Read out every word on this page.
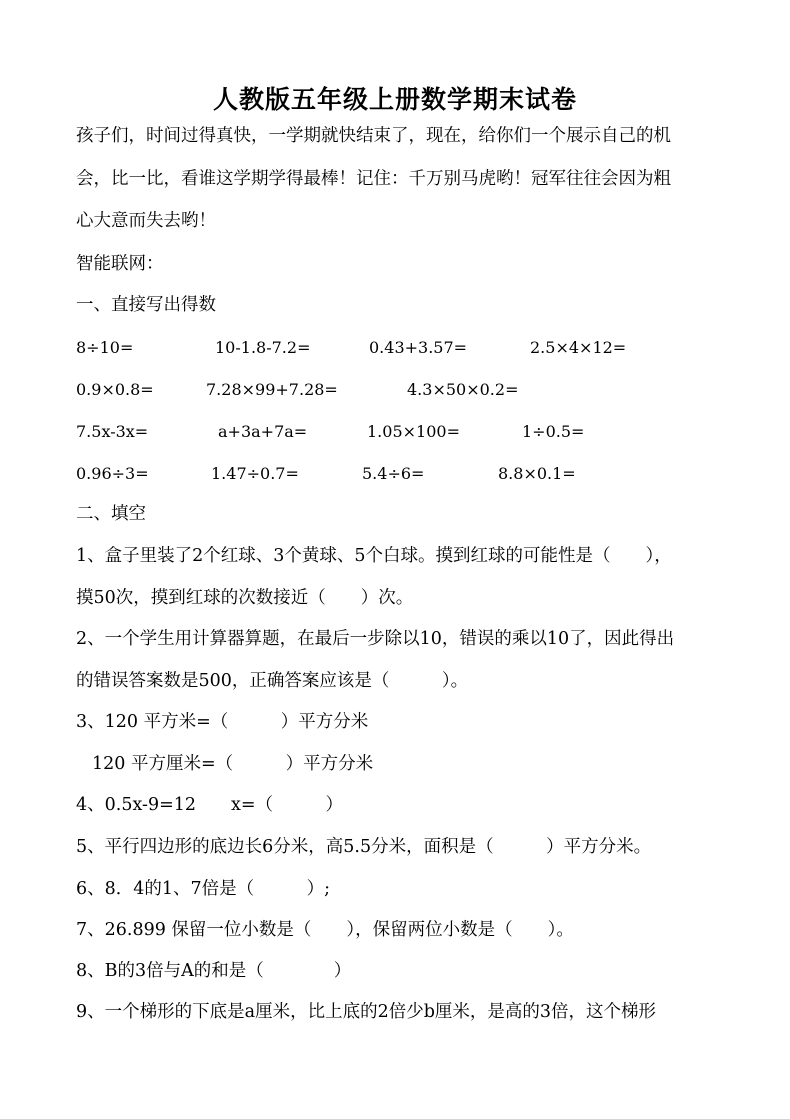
人教版五年级上册数学期末试卷
孩子们，时间过得真快，一学期就快结束了，现在，给你们一个展示自己的机
会，比一比，看谁这学期学得最棒！记住：千万别马虎哟！冠军往往会因为粗
心大意而失去哟！
智能联网：
一、直接写出得数
8÷10=	10-1.8-7.2=	0.43+3.57=	2.5×4×12=
0.9×0.8=	7.28×99+7.28=	4.3×50×0.2=
7.5x-3x=	a+3a+7a=	1.05×100=	1÷0.5=
0.96÷3=	1.47÷0.7=	5.4÷6=	8.8×0.1=
二、填空
1、盒子里装了2个红球、3个黄球、5个白球。摸到红球的可能性是（　　），
摸50次，摸到红球的次数接近（　　）次。
2、一个学生用计算器算题，在最后一步除以10，错误的乘以10了，因此得出
的错误答案数是500，正确答案应该是（　　　）。
3、120 平方米=（　　　）平方分米
120 平方厘米=（　　　）平方分米
4、0.5x-9=12　　x=（　　　）
5、平行四边形的底边长6分米，高5.5分米，面积是（　　　）平方分米。
6、8．4的1、7倍是（　　　）;
7、26.899 保留一位小数是（　　），保留两位小数是（　　）。
8、B的3倍与A的和是（　　　　）
9、一个梯形的下底是a厘米，比上底的2倍少b厘米，是高的3倍，这个梯形
